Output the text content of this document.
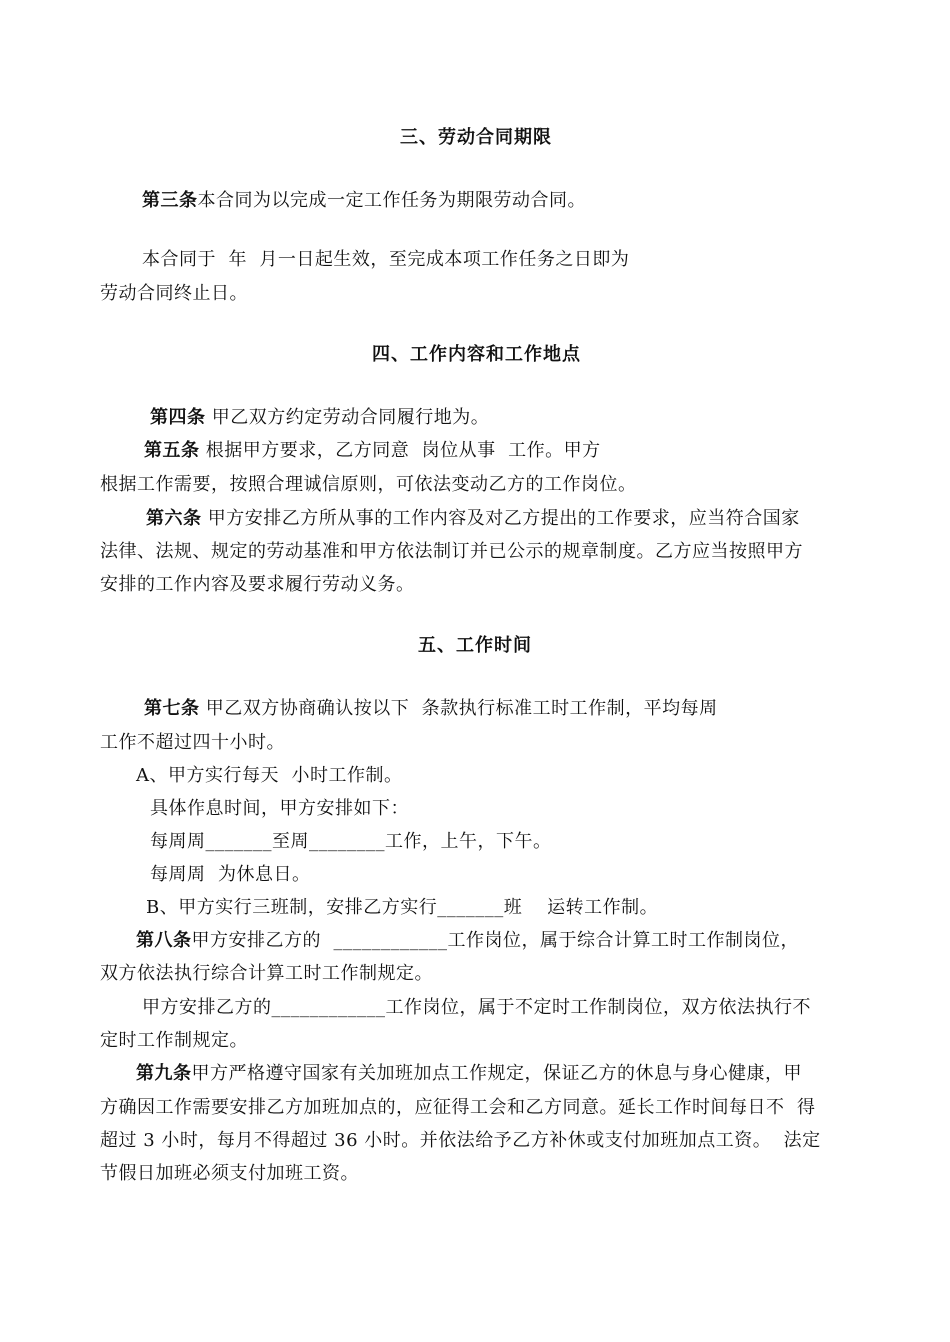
三、劳动合同期限
第三条本合同为以完成一定工作任务为期限劳动合同。
本合同于  年  月一日起生效，至完成本项工作任务之日即为
劳动合同终止日。
四、工作内容和工作地点
第四条 甲乙双方约定劳动合同履行地为。
第五条 根据甲方要求，乙方同意  岗位从事  工作。甲方
根据工作需要，按照合理诚信原则，可依法变动乙方的工作岗位。
第六条 甲方安排乙方所从事的工作内容及对乙方提出的工作要求，应当符合国家
法律、法规、规定的劳动基准和甲方依法制订并已公示的规章制度。乙方应当按照甲方
安排的工作内容及要求履行劳动义务。
五、工作时间
第七条 甲乙双方协商确认按以下  条款执行标准工时工作制，平均每周
工作不超过四十小时。
A、甲方实行每天  小时工作制。
具体作息时间，甲方安排如下：
每周周_______至周________工作，上午，下午。
每周周  为休息日。
B、甲方实行三班制，安排乙方实行_______班    运转工作制。
第八条甲方安排乙方的  ____________工作岗位，属于综合计算工时工作制岗位，
双方依法执行综合计算工时工作制规定。
甲方安排乙方的____________工作岗位，属于不定时工作制岗位，双方依法执行不
定时工作制规定。
第九条甲方严格遵守国家有关加班加点工作规定，保证乙方的休息与身心健康，甲
方确因工作需要安排乙方加班加点的，应征得工会和乙方同意。延长工作时间每日不  得
超过 3 小时，每月不得超过 36 小时。并依法给予乙方补休或支付加班加点工资。  法定
节假日加班必须支付加班工资。
